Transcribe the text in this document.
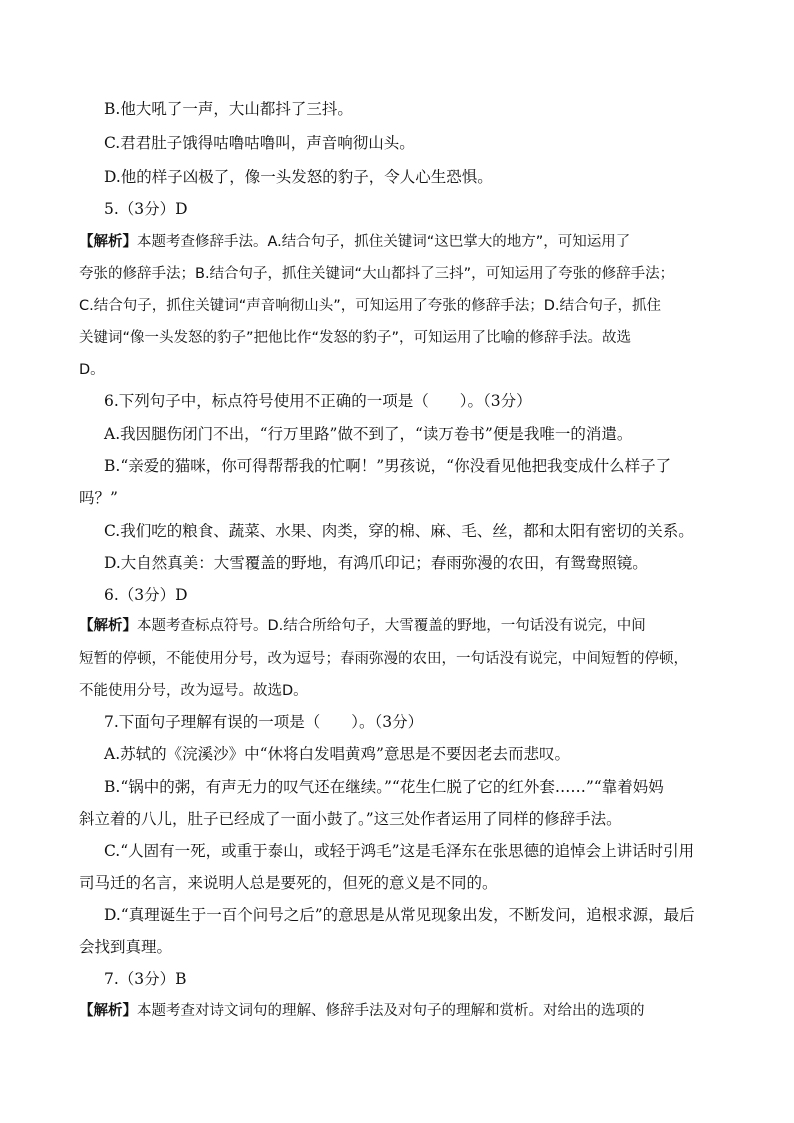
B.他大吼了一声，大山都抖了三抖。
C.君君肚子饿得咕噜咕噜叫，声音响彻山头。
D.他的样子凶极了，像一头发怒的豹子，令人心生恐惧。
5.（3分）D
【解析】本题考查修辞手法。A.结合句子，抓住关键词“这巴掌大的地方”，可知运用了
夸张的修辞手法；B.结合句子，抓住关键词“大山都抖了三抖”，可知运用了夸张的修辞手法；
C.结合句子，抓住关键词“声音响彻山头”，可知运用了夸张的修辞手法；D.结合句子，抓住
关键词“像一头发怒的豹子”把他比作“发怒的豹子”，可知运用了比喻的修辞手法。故选
D。
6.下列句子中，标点符号使用不正确的一项是（　　）。（3分）
A.我因腿伤闭门不出，“行万里路”做不到了，“读万卷书”便是我唯一的消遣。
B.“亲爱的猫咪，你可得帮帮我的忙啊！”男孩说，“你没看见他把我变成什么样子了
吗？”
C.我们吃的粮食、蔬菜、水果、肉类，穿的棉、麻、毛、丝，都和太阳有密切的关系。
D.大自然真美：大雪覆盖的野地，有鸿爪印记；春雨弥漫的农田，有鸳鸯照镜。
6.（3分）D
【解析】本题考查标点符号。D.结合所给句子，大雪覆盖的野地，一句话没有说完，中间
短暂的停顿，不能使用分号，改为逗号；春雨弥漫的农田，一句话没有说完，中间短暂的停顿，
不能使用分号，改为逗号。故选D。
7.下面句子理解有误的一项是（　　）。（3分）
A.苏轼的《浣溪沙》中“休将白发唱黄鸡”意思是不要因老去而悲叹。
B.“锅中的粥，有声无力的叹气还在继续。”“花生仁脱了它的红外套……”“靠着妈妈
斜立着的八儿，肚子已经成了一面小鼓了。”这三处作者运用了同样的修辞手法。
C.“人固有一死，或重于泰山，或轻于鸿毛”这是毛泽东在张思德的追悼会上讲话时引用
司马迁的名言，来说明人总是要死的，但死的意义是不同的。
D.“真理诞生于一百个问号之后”的意思是从常见现象出发，不断发问，追根求源，最后
会找到真理。
7.（3分）B
【解析】本题考查对诗文词句的理解、修辞手法及对句子的理解和赏析。对给出的选项的
